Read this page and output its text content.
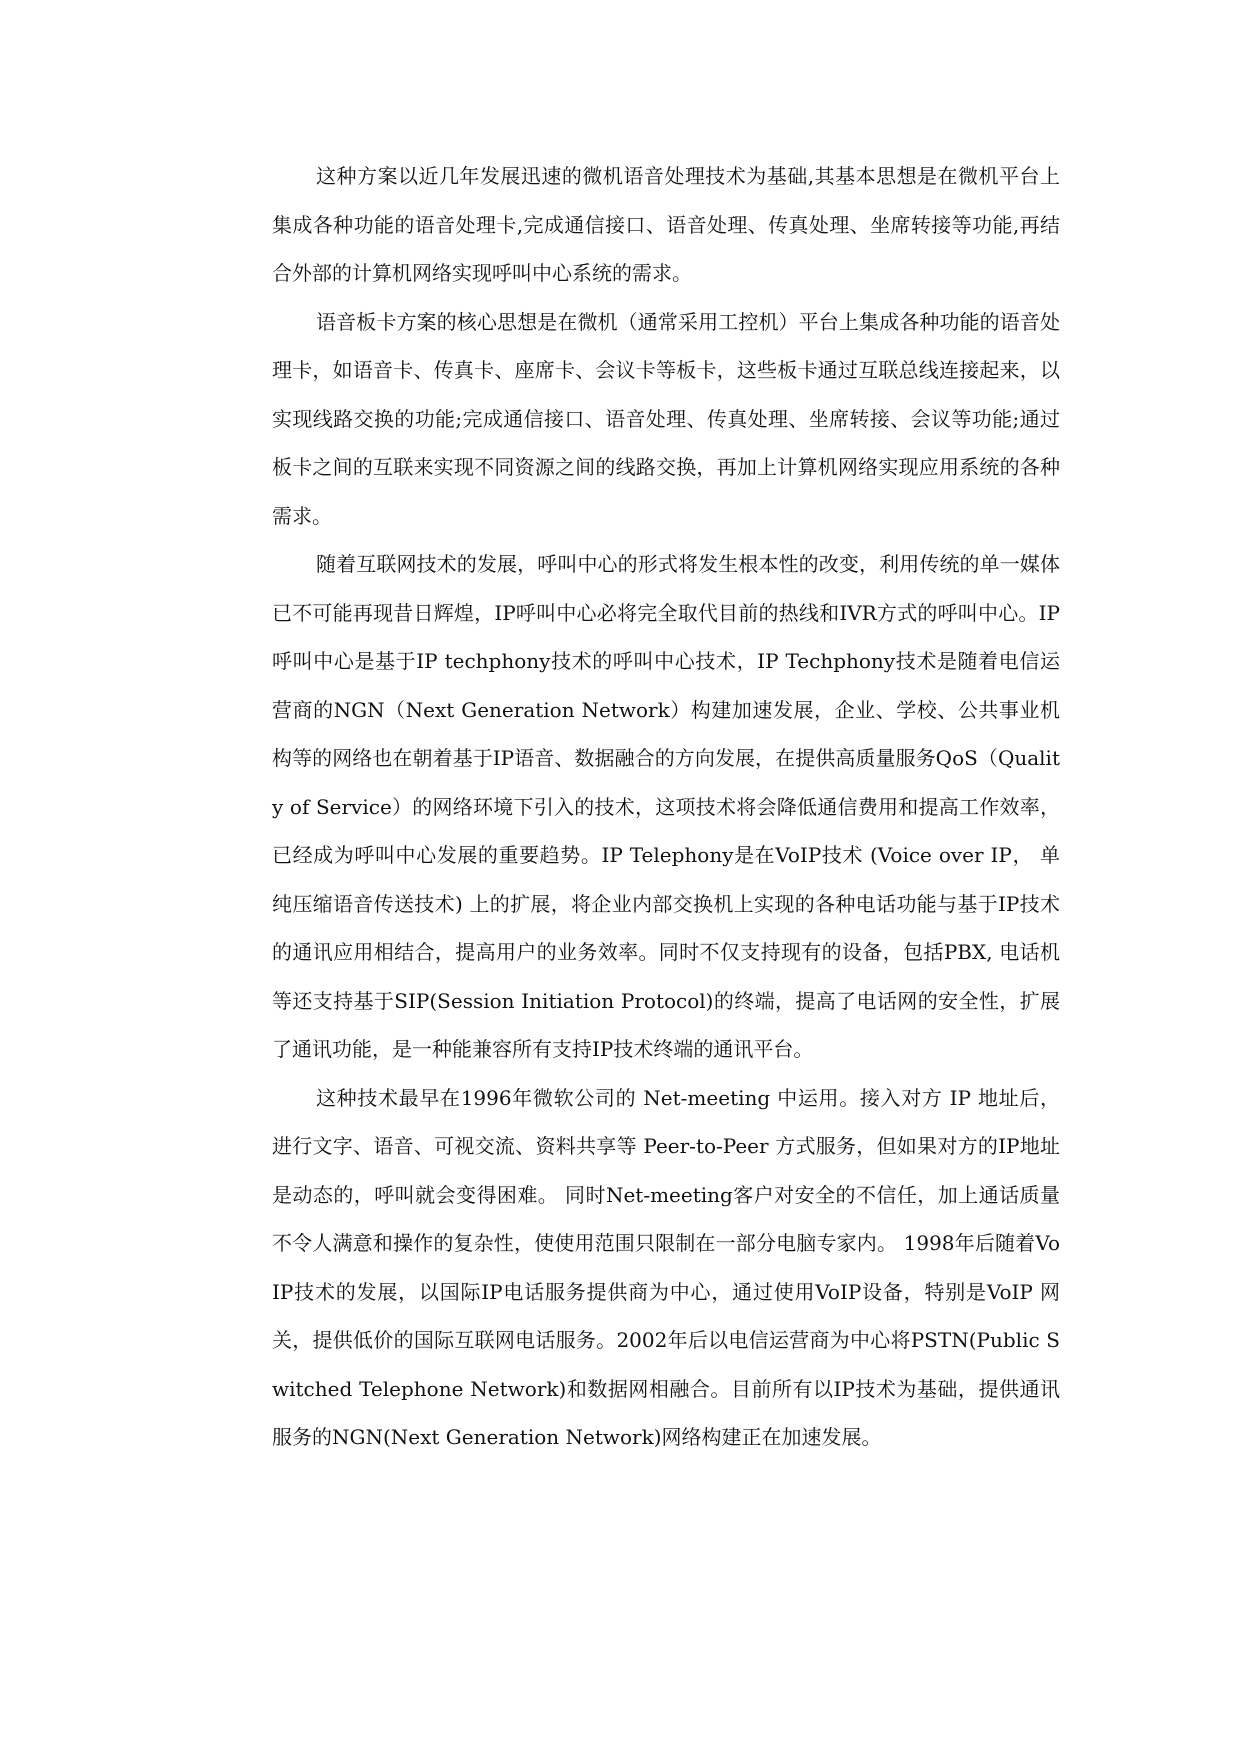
这种方案以近几年发展迅速的微机语音处理技术为基础,其基本思想是在微机平台上集成各种功能的语音处理卡,完成通信接口、语音处理、传真处理、坐席转接等功能,再结合外部的计算机网络实现呼叫中心系统的需求。

语音板卡方案的核心思想是在微机（通常采用工控机）平台上集成各种功能的语音处理卡，如语音卡、传真卡、座席卡、会议卡等板卡，这些板卡通过互联总线连接起来，以实现线路交换的功能;完成通信接口、语音处理、传真处理、坐席转接、会议等功能;通过板卡之间的互联来实现不同资源之间的线路交换，再加上计算机网络实现应用系统的各种需求。

随着互联网技术的发展，呼叫中心的形式将发生根本性的改变，利用传统的单一媒体已不可能再现昔日辉煌，IP呼叫中心必将完全取代目前的热线和IVR方式的呼叫中心。IP呼叫中心是基于IP techphony技术的呼叫中心技术，IP Techphony技术是随着电信运营商的NGN（Next Generation Network）构建加速发展，企业、学校、公共事业机构等的网络也在朝着基于IP语音、数据融合的方向发展，在提供高质量服务QoS（Quality of Service）的网络环境下引入的技术，这项技术将会降低通信费用和提高工作效率，已经成为呼叫中心发展的重要趋势。IP Telephony是在VoIP技术 (Voice over IP， 单纯压缩语音传送技术) 上的扩展，将企业内部交换机上实现的各种电话功能与基于IP技术的通讯应用相结合，提高用户的业务效率。同时不仅支持现有的设备，包括PBX, 电话机等还支持基于SIP(Session Initiation Protocol)的终端，提高了电话网的安全性，扩展了通讯功能，是一种能兼容所有支持IP技术终端的通讯平台。

这种技术最早在1996年微软公司的 Net-meeting 中运用。接入对方 IP 地址后，进行文字、语音、可视交流、资料共享等 Peer-to-Peer 方式服务，但如果对方的IP地址是动态的，呼叫就会变得困难。 同时Net-meeting客户对安全的不信任，加上通话质量不令人满意和操作的复杂性，使使用范围只限制在一部分电脑专家内。 1998年后随着VoIP技术的发展，以国际IP电话服务提供商为中心，通过使用VoIP设备，特别是VoIP 网关，提供低价的国际互联网电话服务。2002年后以电信运营商为中心将PSTN(Public Switched Telephone Network)和数据网相融合。目前所有以IP技术为基础，提供通讯服务的NGN(Next Generation Network)网络构建正在加速发展。
